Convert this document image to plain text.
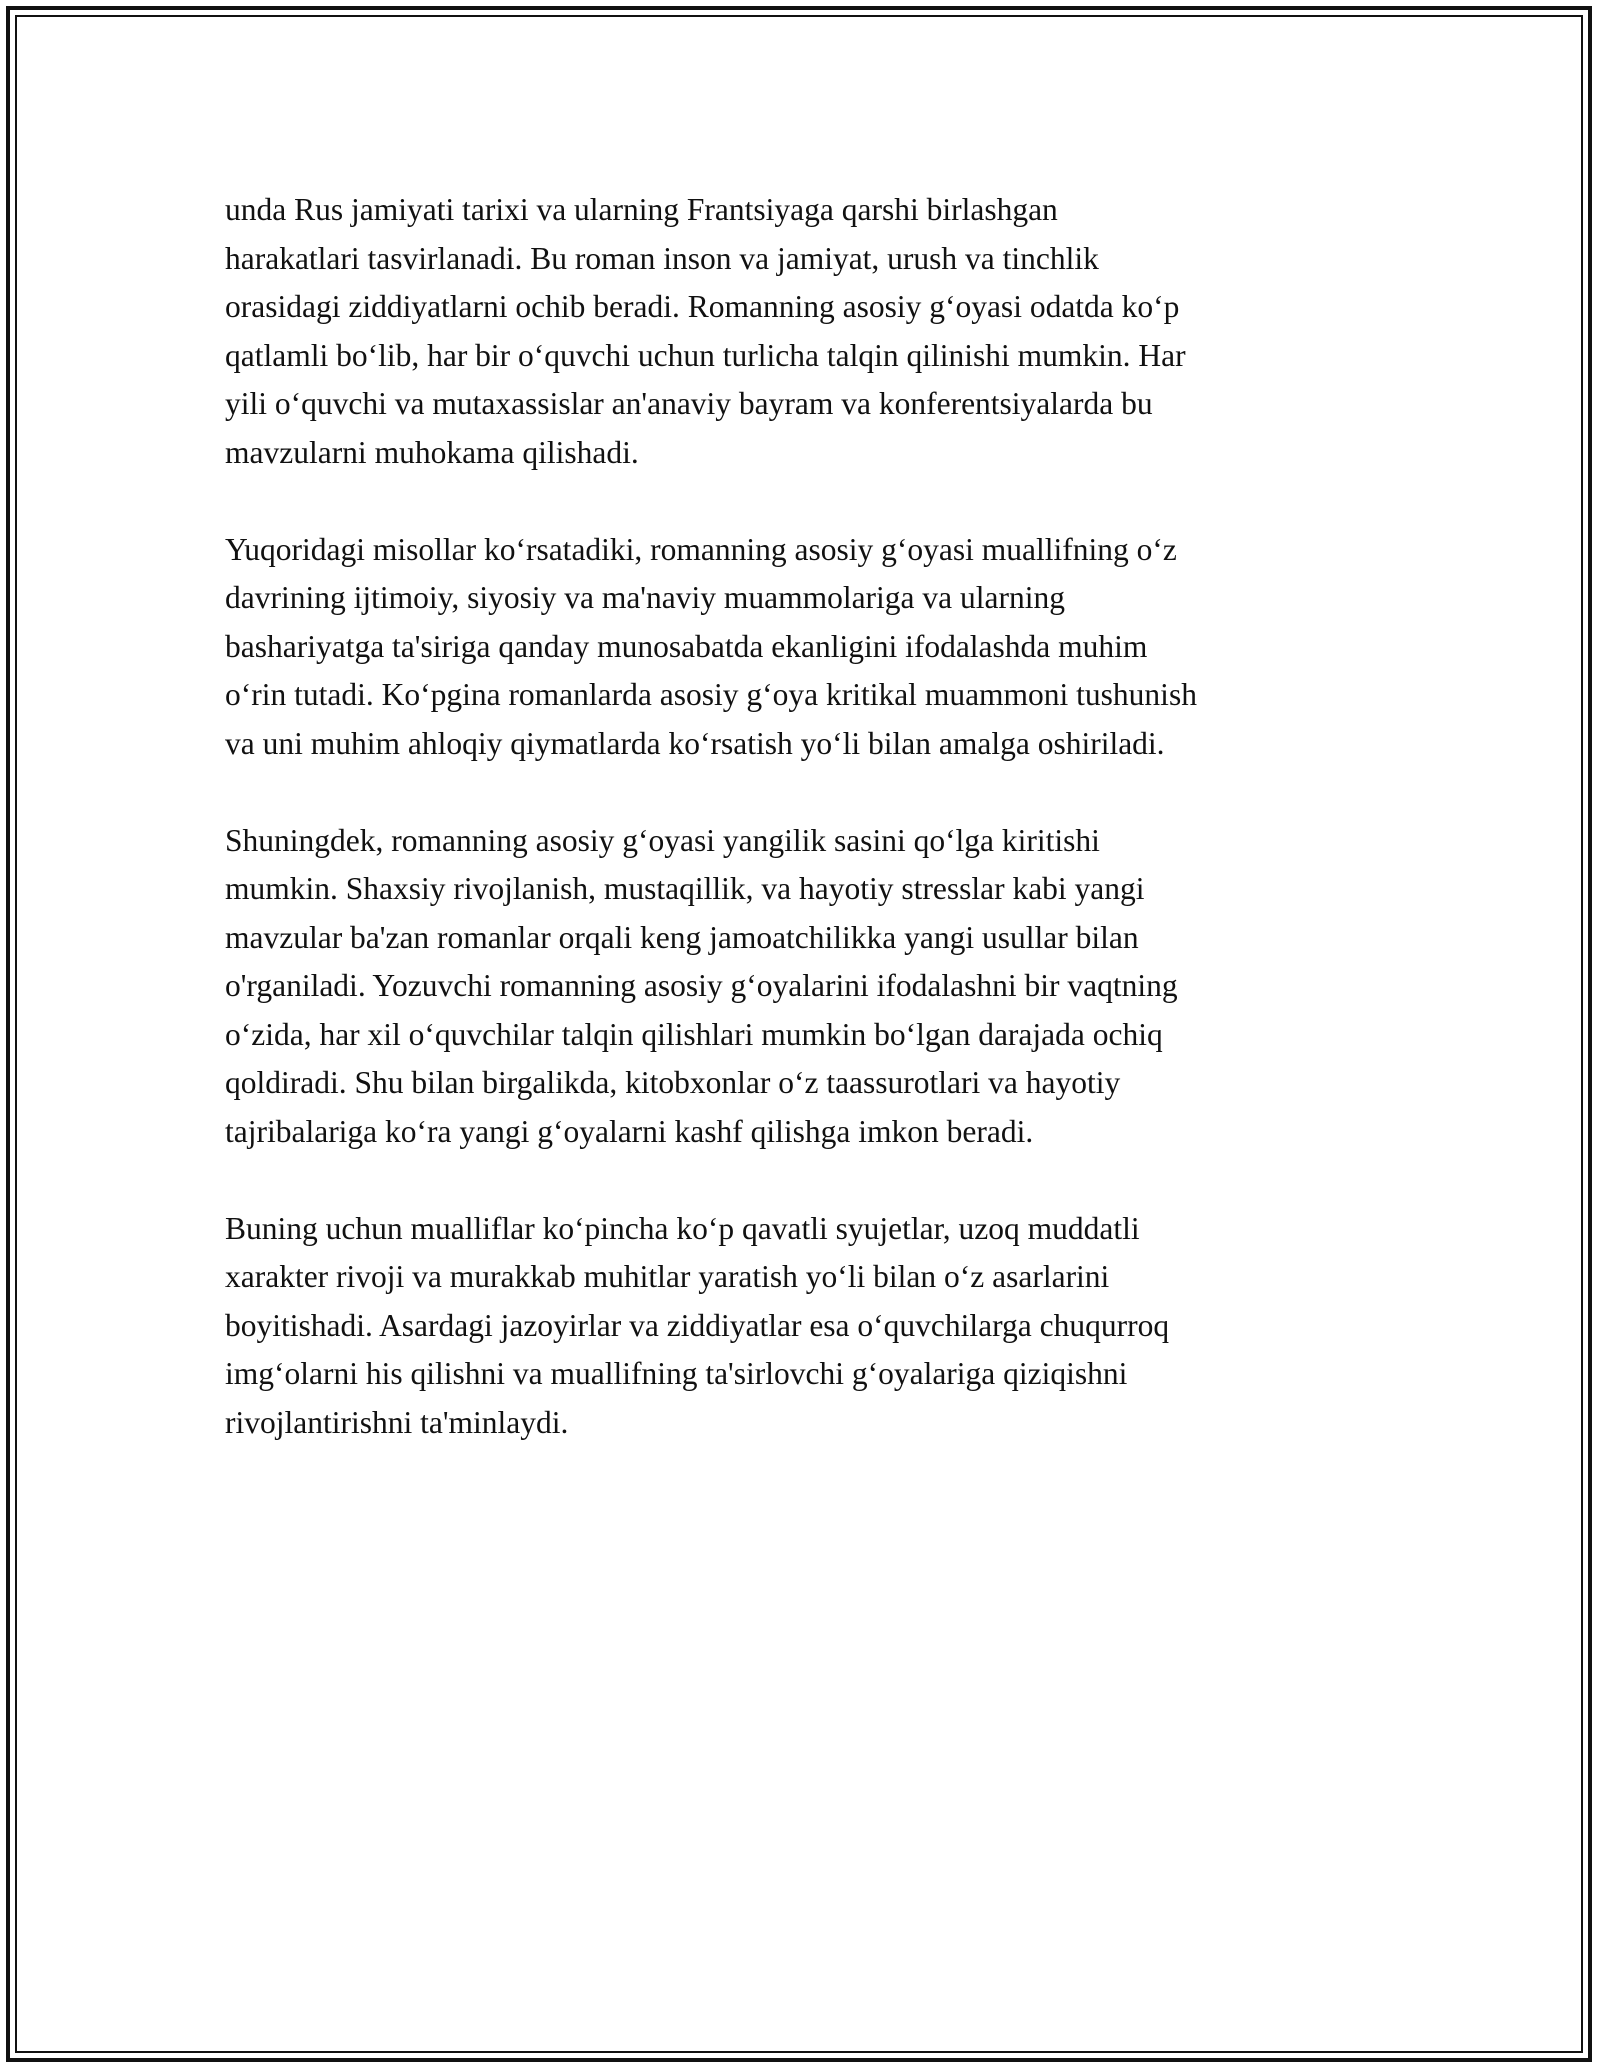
unda Rus jamiyati tarixi va ularning Frantsiyaga qarshi birlashgan
harakatlari tasvirlanadi. Bu roman inson va jamiyat, urush va tinchlik
orasidagi ziddiyatlarni ochib beradi. Romanning asosiy g‘oyasi odatda ko‘p
qatlamli bo‘lib, har bir o‘quvchi uchun turlicha talqin qilinishi mumkin. Har
yili o‘quvchi va mutaxassislar an'anaviy bayram va konferentsiyalarda bu
mavzularni muhokama qilishadi.

Yuqoridagi misollar ko‘rsatadiki, romanning asosiy g‘oyasi muallifning o‘z
davrining ijtimoiy, siyosiy va ma'naviy muammolariga va ularning
bashariyatga ta'siriga qanday munosabatda ekanligini ifodalashda muhim
o‘rin tutadi. Ko‘pgina romanlarda asosiy g‘oya kritikal muammoni tushunish
va uni muhim ahloqiy qiymatlarda ko‘rsatish yo‘li bilan amalga oshiriladi.

Shuningdek, romanning asosiy g‘oyasi yangilik sasini qo‘lga kiritishi
mumkin. Shaxsiy rivojlanish, mustaqillik, va hayotiy stresslar kabi yangi
mavzular ba'zan romanlar orqali keng jamoatchilikka yangi usullar bilan
o'rganiladi. Yozuvchi romanning asosiy g‘oyalarini ifodalashni bir vaqtning
o‘zida, har xil o‘quvchilar talqin qilishlari mumkin bo‘lgan darajada ochiq
qoldiradi. Shu bilan birgalikda, kitobxonlar o‘z taassurotlari va hayotiy
tajribalariga ko‘ra yangi g‘oyalarni kashf qilishga imkon beradi.

Buning uchun mualliflar ko‘pincha ko‘p qavatli syujetlar, uzoq muddatli
xarakter rivoji va murakkab muhitlar yaratish yo‘li bilan o‘z asarlarini
boyitishadi. Asardagi jazoyirlar va ziddiyatlar esa o‘quvchilarga chuqurroq
img‘olarni his qilishni va muallifning ta'sirlovchi g‘oyalariga qiziqishni
rivojlantirishni ta'minlaydi.
